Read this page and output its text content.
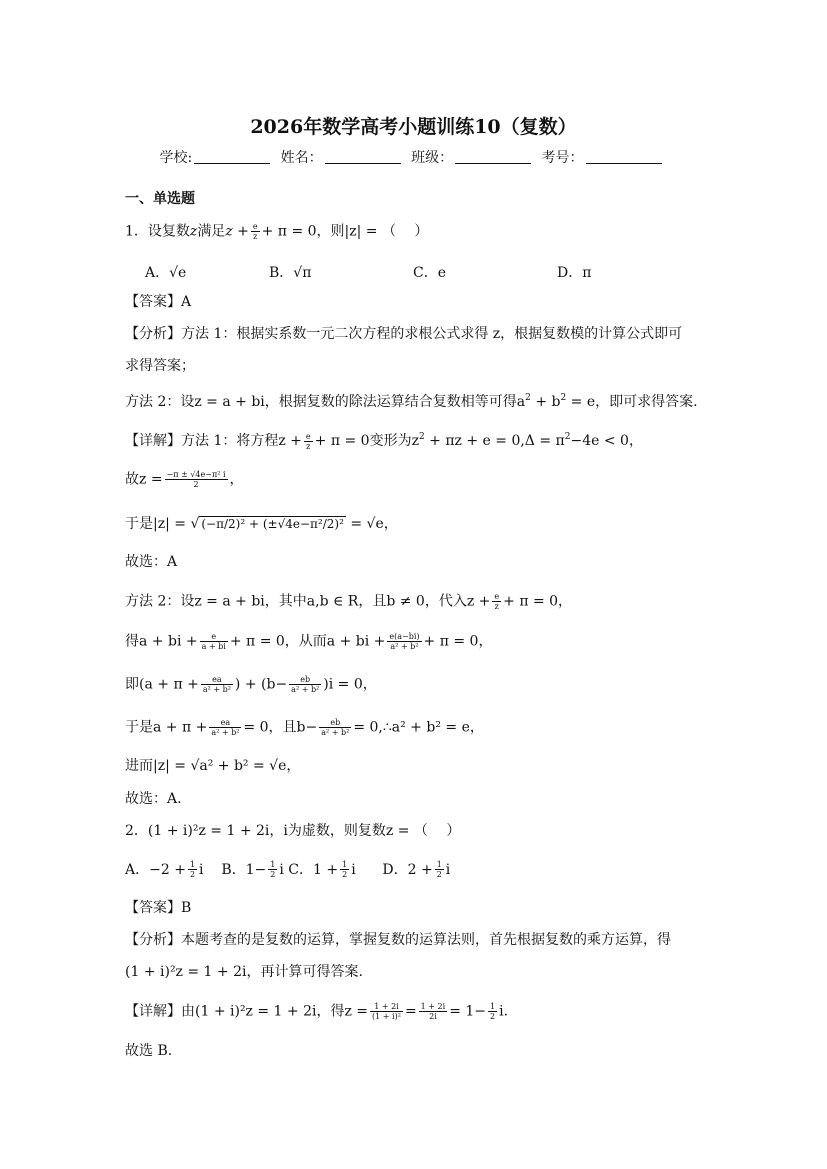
2026年数学高考小题训练10（复数）
学校:	姓名：	班级：	考号：
一、单选题
1．设复数z满足$z + \frac{e}{z} + \pi = 0$，则|z| = （　 ）
A．√e	B．√π	C．e	D．π
【答案】A
【分析】方法 1：根据实系数一元二次方程的求根公式求得 z，根据复数模的计算公式即可
求得答案；
方法 2：设z = a + bi，根据复数的除法运算结合复数相等可得$a^2 + b^2 = e$，即可求得答案.
【详解】方法 1：将方程$z + \frac{e}{z} + \pi = 0$变形为$z^2 + \pi z + e = 0,\Delta = \pi^2-4e < 0$，
故$z = \frac{\text{−π ± √4e−π² i}}{2}$ ，
于是|z| = √ (−π/2)² + (±√4e−π²/2)² = √e，
故选：A
方法 2：设z = a + bi，其中a,b ∈ R，且b ≠ 0，代入$z + \frac{e}{z} + \pi = 0$，
得a + bi + $\frac{e}{a + bi} + \pi = 0$，从而a + bi + $\frac{e(a-bi)}{\text{a² + b²}} + \pi = 0$，
即($a + \pi + \frac{ea}{\text{a² + b²}}$ ) + $(b- \frac{eb}{\text{a² + b²}} )i = 0$，
于是$a + \pi + \frac{ea}{\text{a² + b²}} = 0$，且$b- \frac{eb}{\text{a² + b²}}$ = 0,∴a² + b² = e，
进而|z| = √a² + b² = √e，
故选：A.
2．(1 + i)²z = 1 + 2i，i为虚数，则复数z = （　 ）
A．$-2 + \frac{1}{2}$ i B．$1- \frac{1}{2}$ i C．$1 + \frac{1}{2}$ i D．$2 + \frac{1}{2}$ i
【答案】B
【分析】本题考查的是复数的运算，掌握复数的运算法则，首先根据复数的乘方运算，得
(1 + i)²z = 1 + 2i，再计算可得答案.
【详解】由(1 + i)²z = 1 + 2i，得$z = \frac{1 + 2i}{\text{(1 + i)²}} = \frac{1 + 2i}{2i} = 1- \frac{1}{2} i$.
故选 B.
